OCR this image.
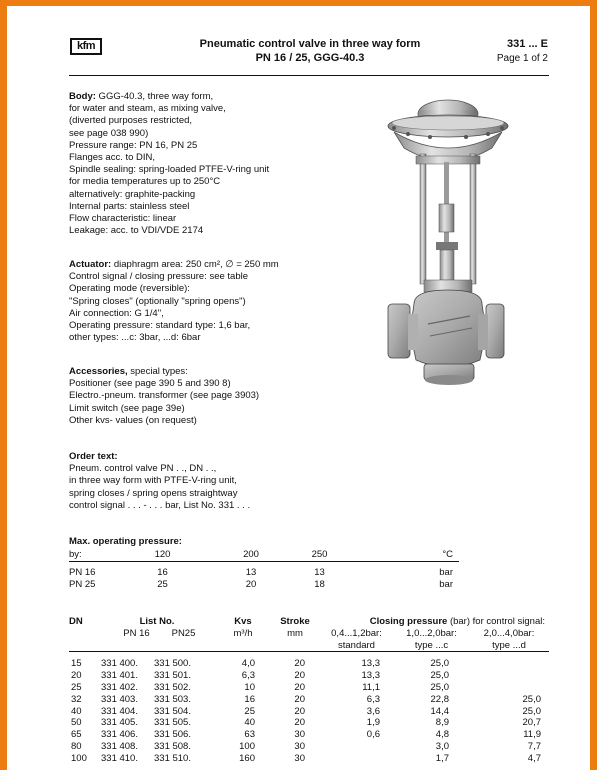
kfm	Pneumatic control valve in three way form
PN 16 / 25, GGG-40.3
331 ... E
Page 1 of 2
Body: GGG-40.3, three way form,
for water and steam, as mixing valve,
(diverted purposes restricted,
see page 038 990)
Pressure range: PN 16, PN 25
Flanges acc. to DIN,
Spindle sealing: spring-loaded PTFE-V-ring unit
for media temperatures up to 250°C
alternatively: graphite-packing
Internal parts: stainless steel
Flow characteristic: linear
Leakage: acc. to VDI/VDE 2174
Actuator: diaphragm area: 250 cm², ∅ = 250 mm
Control signal / closing pressure: see table
Operating mode (reversible):
"Spring closes" (optionally "spring opens")
Air connection: G 1/4",
Operating pressure: standard type: 1,6 bar,
other types: ...c: 3bar, ...d: 6bar
Accessories, special types:
Positioner (see page 390 5 and 390 8)
Electro.-pneum. transformer (see page 3903)
Limit switch (see page 39e)
Other kvs- values (on request)
Order text:
Pneum. control valve PN . ., DN . .,
in three way form with PTFE-V-ring unit,
spring closes / spring opens straightway
control signal . . . - . . . bar, List No. 331 . . .
Max. operating pressure:
by:	120	200	250	°C

PN 16	16	13	13	bar
PN 25	25	20	18	bar
DN	List No.		Kvs	Stroke	Closing pressure (bar) for control signal:		
	PN 16	PN25	m³/h	mm	0,4...1,2bar:	1,0...2,0bar:	2,0...4,0bar:
					standard	type ...c	type ...d

15	331 400.	331 500.	4,0	20	13,3	25,0	
20	331 401.	331 501.	6,3	20	13,3	25,0	
25	331 402.	331 502.	10	20	11,1	25,0	
32	331 403.	331 503.	16	20	6,3	22,8	25,0
40	331 404.	331 504.	25	20	3,6	14,4	25,0
50	331 405.	331 505.	40	20	1,9	8,9	20,7
65	331 406.	331 506.	63	30	0,6	4,8	11,9
80	331 408.	331 508.	100	30		3,0	7,7
100	331 410.	331 510.	160	30		1,7	4,7
